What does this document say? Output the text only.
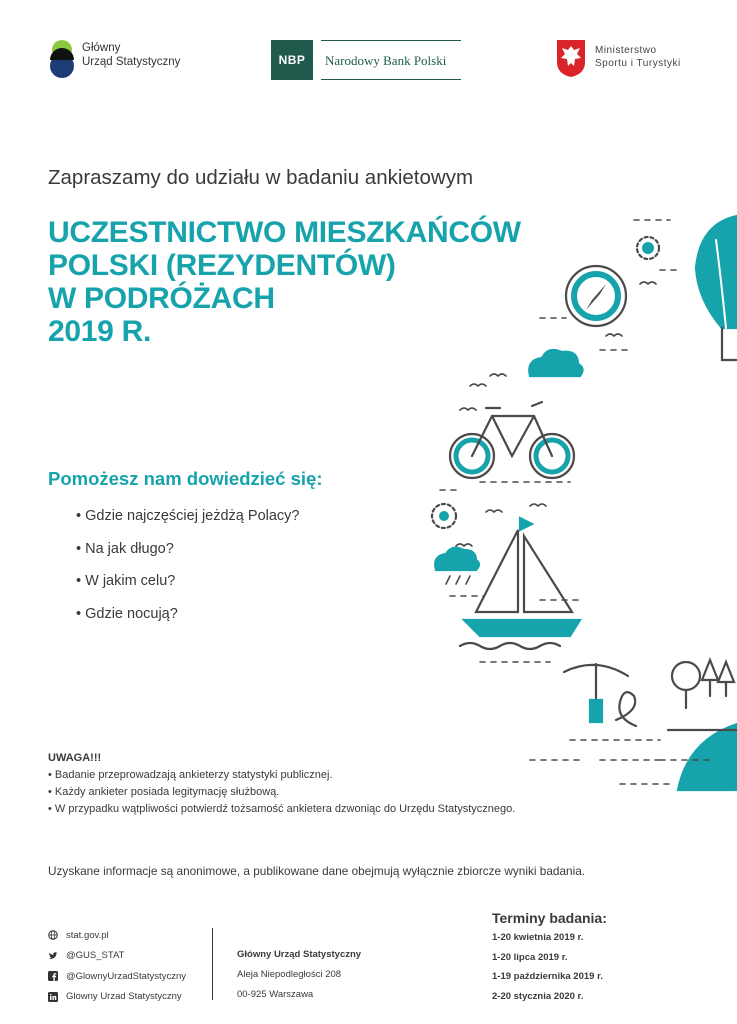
Główny
Urząd Statystyczny	NBP	Narodowy Bank Polski
Ministerstwo
Sportu i Turystyki
Zapraszamy do udziału w badaniu ankietowym
UCZESTNICTWO MIESZKAŃCÓW
POLSKI (REZYDENTÓW)
W PODRÓŻACH
2019 R.
Pomożesz nam dowiedzieć się:
• Gdzie najczęściej jeżdżą Polacy?
• Na jak długo?
• W jakim celu?
• Gdzie nocują?
UWAGA!!!
• Badanie przeprowadzają ankieterzy statystyki publicznej.
• Każdy ankieter posiada legitymację służbową.
• W przypadku wątpliwości potwierdź tożsamość ankietera dzwoniąc do Urzędu Statystycznego.
Uzyskane informacje są anonimowe, a publikowane dane obejmują wyłącznie zbiorcze wyniki badania.
stat.gov.pl
@GUS_STAT
@GlownyUrzadStatystyczny
Glowny Urzad Statystyczny
Główny Urząd Statystyczny
Aleja Niepodległości 208
00-925 Warszawa
Terminy badania:
1-20 kwietnia 2019 r.
1-20 lipca 2019 r.
1-19 października 2019 r.
2-20 stycznia 2020 r.
